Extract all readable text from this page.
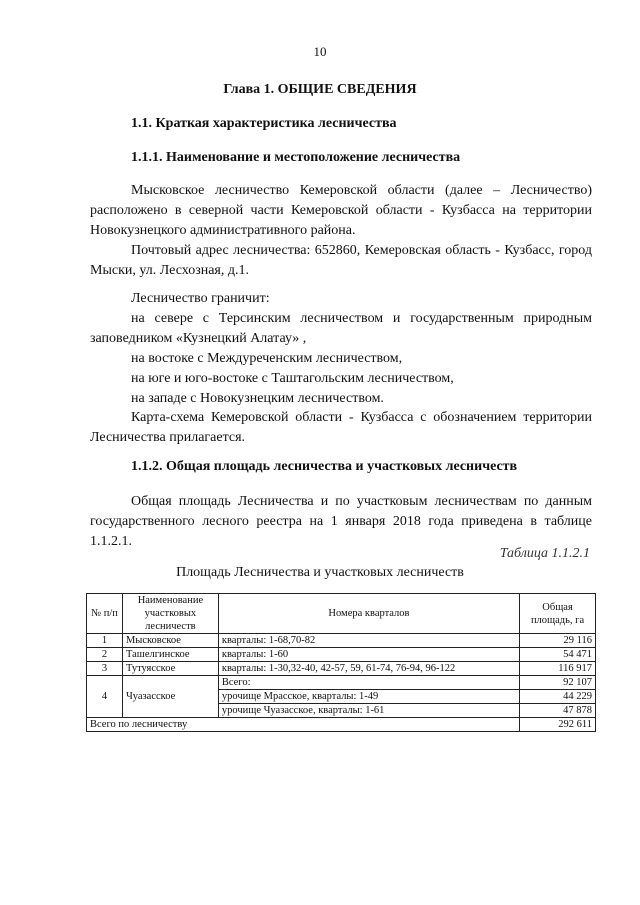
10
Глава 1. ОБЩИЕ СВЕДЕНИЯ
1.1. Краткая характеристика лесничества
1.1.1. Наименование и местоположение лесничества
Мысковское лесничество Кемеровской области (далее – Лесничество) расположено в северной части Кемеровской области - Кузбасса на территории Новокузнецкого административного района.
Почтовый адрес лесничества: 652860, Кемеровская область - Кузбасс, город Мыски, ул. Лесхозная, д.1.
Лесничество граничит:
на севере с Терсинским лесничеством и государственным природным заповедником «Кузнецкий Алатау» ,
на востоке с Междуреченским лесничеством,
на юге и юго-востоке с Таштагольским лесничеством,
на западе с Новокузнецким лесничеством.
Карта-схема Кемеровской области - Кузбасса с обозначением территории Лесничества прилагается.
1.1.2. Общая площадь лесничества и участковых лесничеств
Общая площадь Лесничества и по участковым лесничествам по данным государственного лесного реестра на 1 января 2018 года приведена в таблице 1.1.2.1.
Таблица 1.1.2.1
Площадь Лесничества и участковых лесничеств
№ п/п	Наименование участковых лесничеств	Номера кварталов	Общая площадь, га
1	Мысковское	кварталы: 1-68,70-82	29 116
2	Ташелгинское	кварталы: 1-60	54 471
3	Тутуясское	кварталы: 1-30,32-40, 42-57, 59, 61-74, 76-94, 96-122	116 917
4	Чуазасское	Всего:	92 107
		урочище Мрасское, кварталы: 1-49	44 229
		урочище Чуазасское, кварталы: 1-61	47 878
Всего по лесничеству			292 611
